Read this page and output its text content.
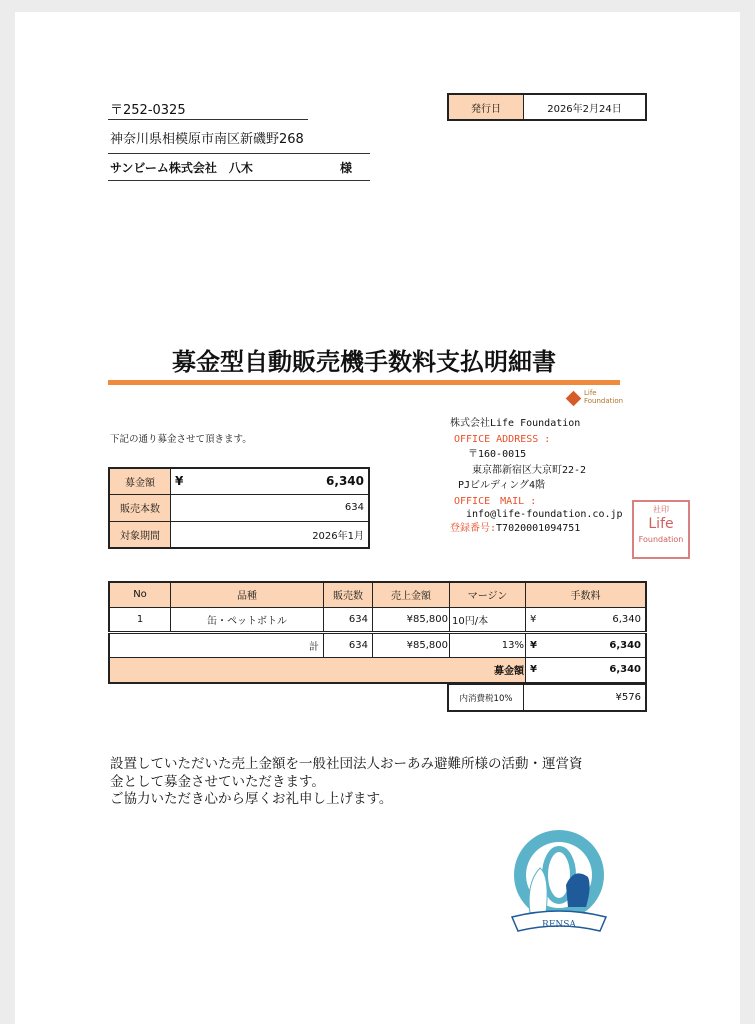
〒252-0325
神奈川県相模原市南区新磯野268
サンビーム株式会社　八木	様
発行日	2026年2月24日
募金型自動販売機手数料支払明細書
Life
Foundation
下記の通り募金させて頂きます。
募金額	¥ 6,340

販売本数	634
対象期間	2026年1月
株式会社Life Foundation
OFFICE ADDRESS :
〒160-0015
東京都新宿区大京町22-2
PJビルディング4階
OFFICE　MAIL :
info@life-foundation.co.jp
登録番号:T7020001094751
社印
Life
Foundation
No	品種	販売数	売上金額	マージン	手数料
1	缶・ペットボトル	634	¥85,800	10円/本	¥ 6,340

計		634	¥85,800	13%	¥ 6,340

募金額					¥ 6,340
内消費税10%	¥576
設置していただいた売上金額を一般社団法人おーあみ避難所様の活動・運営資
金として募金させていただきます。
ご協力いただき心から厚くお礼申し上げます。
RENSA
